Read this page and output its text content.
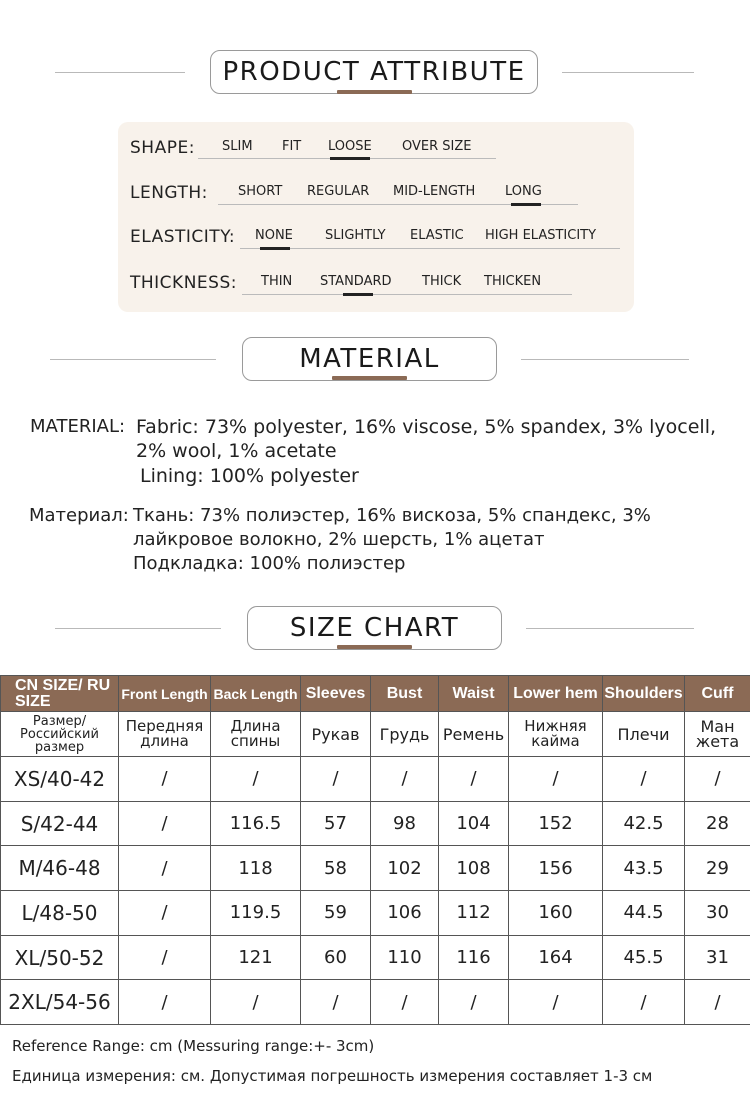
PRODUCT ATTRIBUTE
SHAPE: SLIM FIT LOOSE OVER SIZE
LENGTH: SHORT REGULAR MID-LENGTH LONG
ELASTICITY: NONE SLIGHTLY ELASTIC HIGH ELASTICITY
THICKNESS: THIN STANDARD THICK THICKEN
MATERIAL
MATERIAL: Fabric: 73% polyester, 16% viscose, 5% spandex, 3% lyocell,
2% wool, 1% acetate
Lining: 100% polyester
Материал: Ткань: 73% полиэстер, 16% вискоза, 5% спандекс, 3%
лайкровое волокно, 2% шерсть, 1% ацетат
Подкладка: 100% полиэстер
SIZE CHART
CN SIZE/ RU SIZE	Front Length	Back Length	Sleeves	Bust	Waist	Lower hem	Shoulders	Cuff
Размер/ Российский размер	Передняя длина	Длина спины	Рукав	Грудь	Ремень	Нижняя кайма	Плечи	Ман жета
XS/40-42	/	/	/	/	/	/	/	/
S/42-44	/	116.5	57	98	104	152	42.5	28
M/46-48	/	118	58	102	108	156	43.5	29
L/48-50	/	119.5	59	106	112	160	44.5	30
XL/50-52	/	121	60	110	116	164	45.5	31
2XL/54-56	/	/	/	/	/	/	/	/
Reference Range: cm (Messuring range:+- 3cm)
Единица измерения: см. Допустимая погрешность измерения составляет 1-3 см
